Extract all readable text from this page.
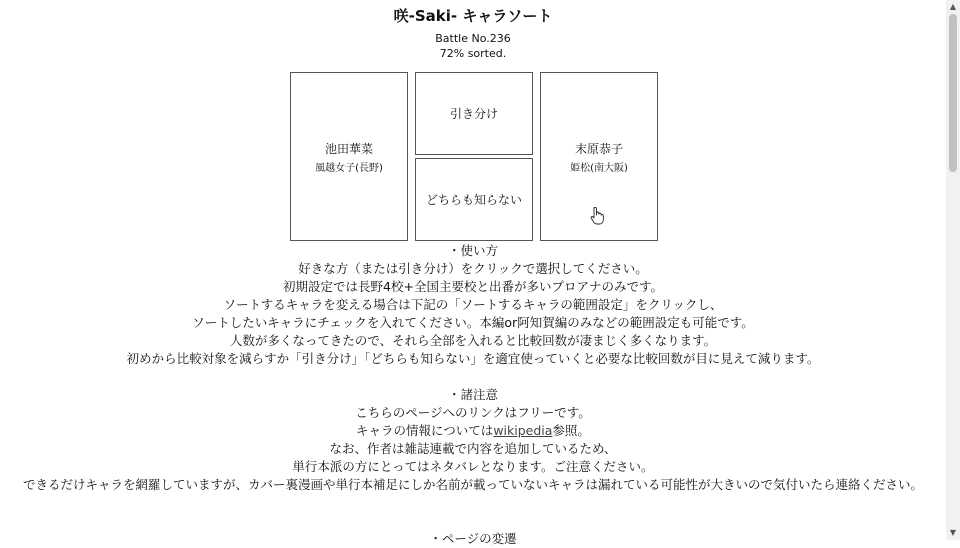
咲-Saki- キャラソート
Battle No.236
72% sorted.
池田華菜
風越女子(長野)
引き分け
どちらも知らない
末原恭子
姫松(南大阪)
・使い方
好きな方（または引き分け）をクリックで選択してください。
初期設定では長野4校+全国主要校と出番が多いプロアナのみです。
ソートするキャラを変える場合は下記の「ソートするキャラの範囲設定」をクリックし、
ソートしたいキャラにチェックを入れてください。本編or阿知賀編のみなどの範囲設定も可能です。
人数が多くなってきたので、それら全部を入れると比較回数が凄まじく多くなります。
初めから比較対象を減らすか「引き分け」「どちらも知らない」を適宜使っていくと必要な比較回数が目に見えて減ります。
・諸注意
こちらのページへのリンクはフリーです。
キャラの情報についてはwikipedia参照。
なお、作者は雑誌連載で内容を追加しているため、
単行本派の方にとってはネタバレとなります。ご注意ください。
できるだけキャラを網羅していますが、カバー裏漫画や単行本補足にしか名前が載っていないキャラは漏れている可能性が大きいので気付いたら連絡ください。
・ページの変遷
▲
▼
